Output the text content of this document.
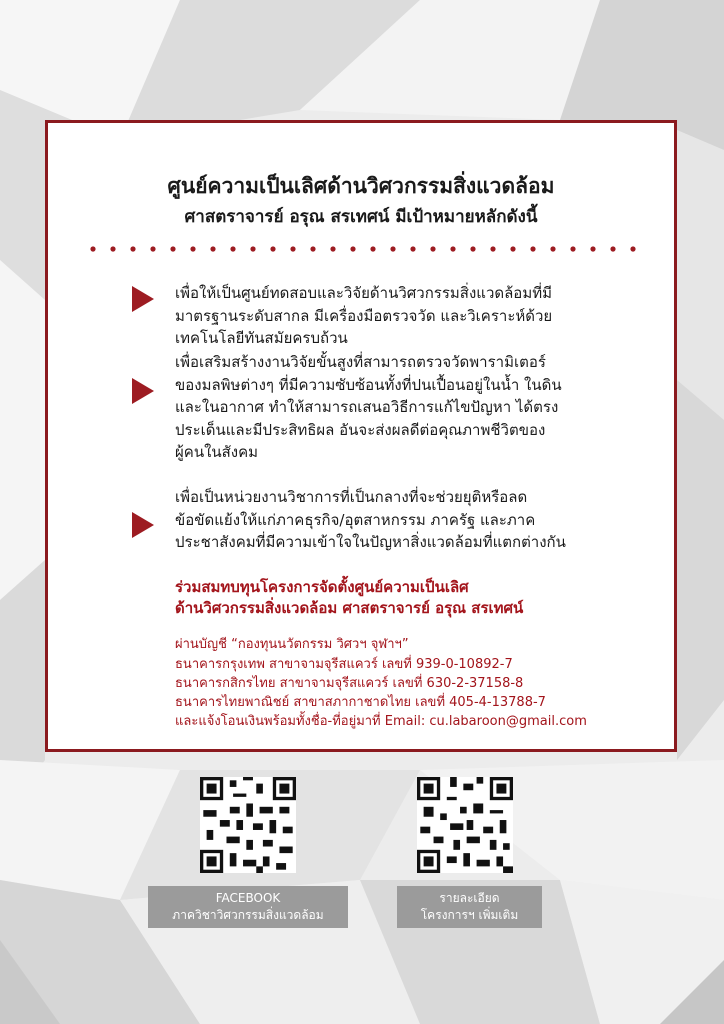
ศูนย์ความเป็นเลิศด้านวิศวกรรมสิ่งแวดล้อม
ศาสตราจารย์ อรุณ สรเทศน์ มีเป้าหมายหลักดังนี้
เพื่อให้เป็นศูนย์ทดสอบและวิจัยด้านวิศวกรรมสิ่งแวดล้อมที่มี
มาตรฐานระดับสากล มีเครื่องมือตรวจวัด และวิเคราะห์ด้วย
เทคโนโลยีทันสมัยครบถ้วน
เพื่อเสริมสร้างงานวิจัยขั้นสูงที่สามารถตรวจวัดพารามิเตอร์
ของมลพิษต่างๆ ที่มีความซับซ้อนทั้งที่ปนเปื้อนอยู่ในน้ำ ในดิน
และในอากาศ ทำให้สามารถเสนอวิธีการแก้ไขปัญหา ได้ตรง
ประเด็นและมีประสิทธิผล อันจะส่งผลดีต่อคุณภาพชีวิตของ
ผู้คนในสังคม
เพื่อเป็นหน่วยงานวิชาการที่เป็นกลางที่จะช่วยยุติหรือลด
ข้อขัดแย้งให้แก่ภาคธุรกิจ/อุตสาหกรรม ภาครัฐ และภาค
ประชาสังคมที่มีความเข้าใจในปัญหาสิ่งแวดล้อมที่แตกต่างกัน
ร่วมสมทบทุนโครงการจัดตั้งศูนย์ความเป็นเลิศ
ด้านวิศวกรรมสิ่งแวดล้อม ศาสตราจารย์ อรุณ สรเทศน์
ผ่านบัญชี “กองทุนนวัตกรรม วิศวฯ จุฬาฯ”
ธนาคารกรุงเทพ สาขาจามจุรีสแควร์ เลขที่ 939-0-10892-7
ธนาคารกสิกรไทย สาขาจามจุรีสแควร์ เลขที่ 630-2-37158-8
ธนาคารไทยพาณิชย์ สาขาสภากาชาดไทย เลขที่ 405-4-13788-7
และแจ้งโอนเงินพร้อมทั้งชื่อ-ที่อยู่มาที่ Email: cu.labaroon@gmail.com
FACEBOOK
ภาควิชาวิศวกรรมสิ่งแวดล้อม
รายละเอียด
โครงการฯ เพิ่มเติม
